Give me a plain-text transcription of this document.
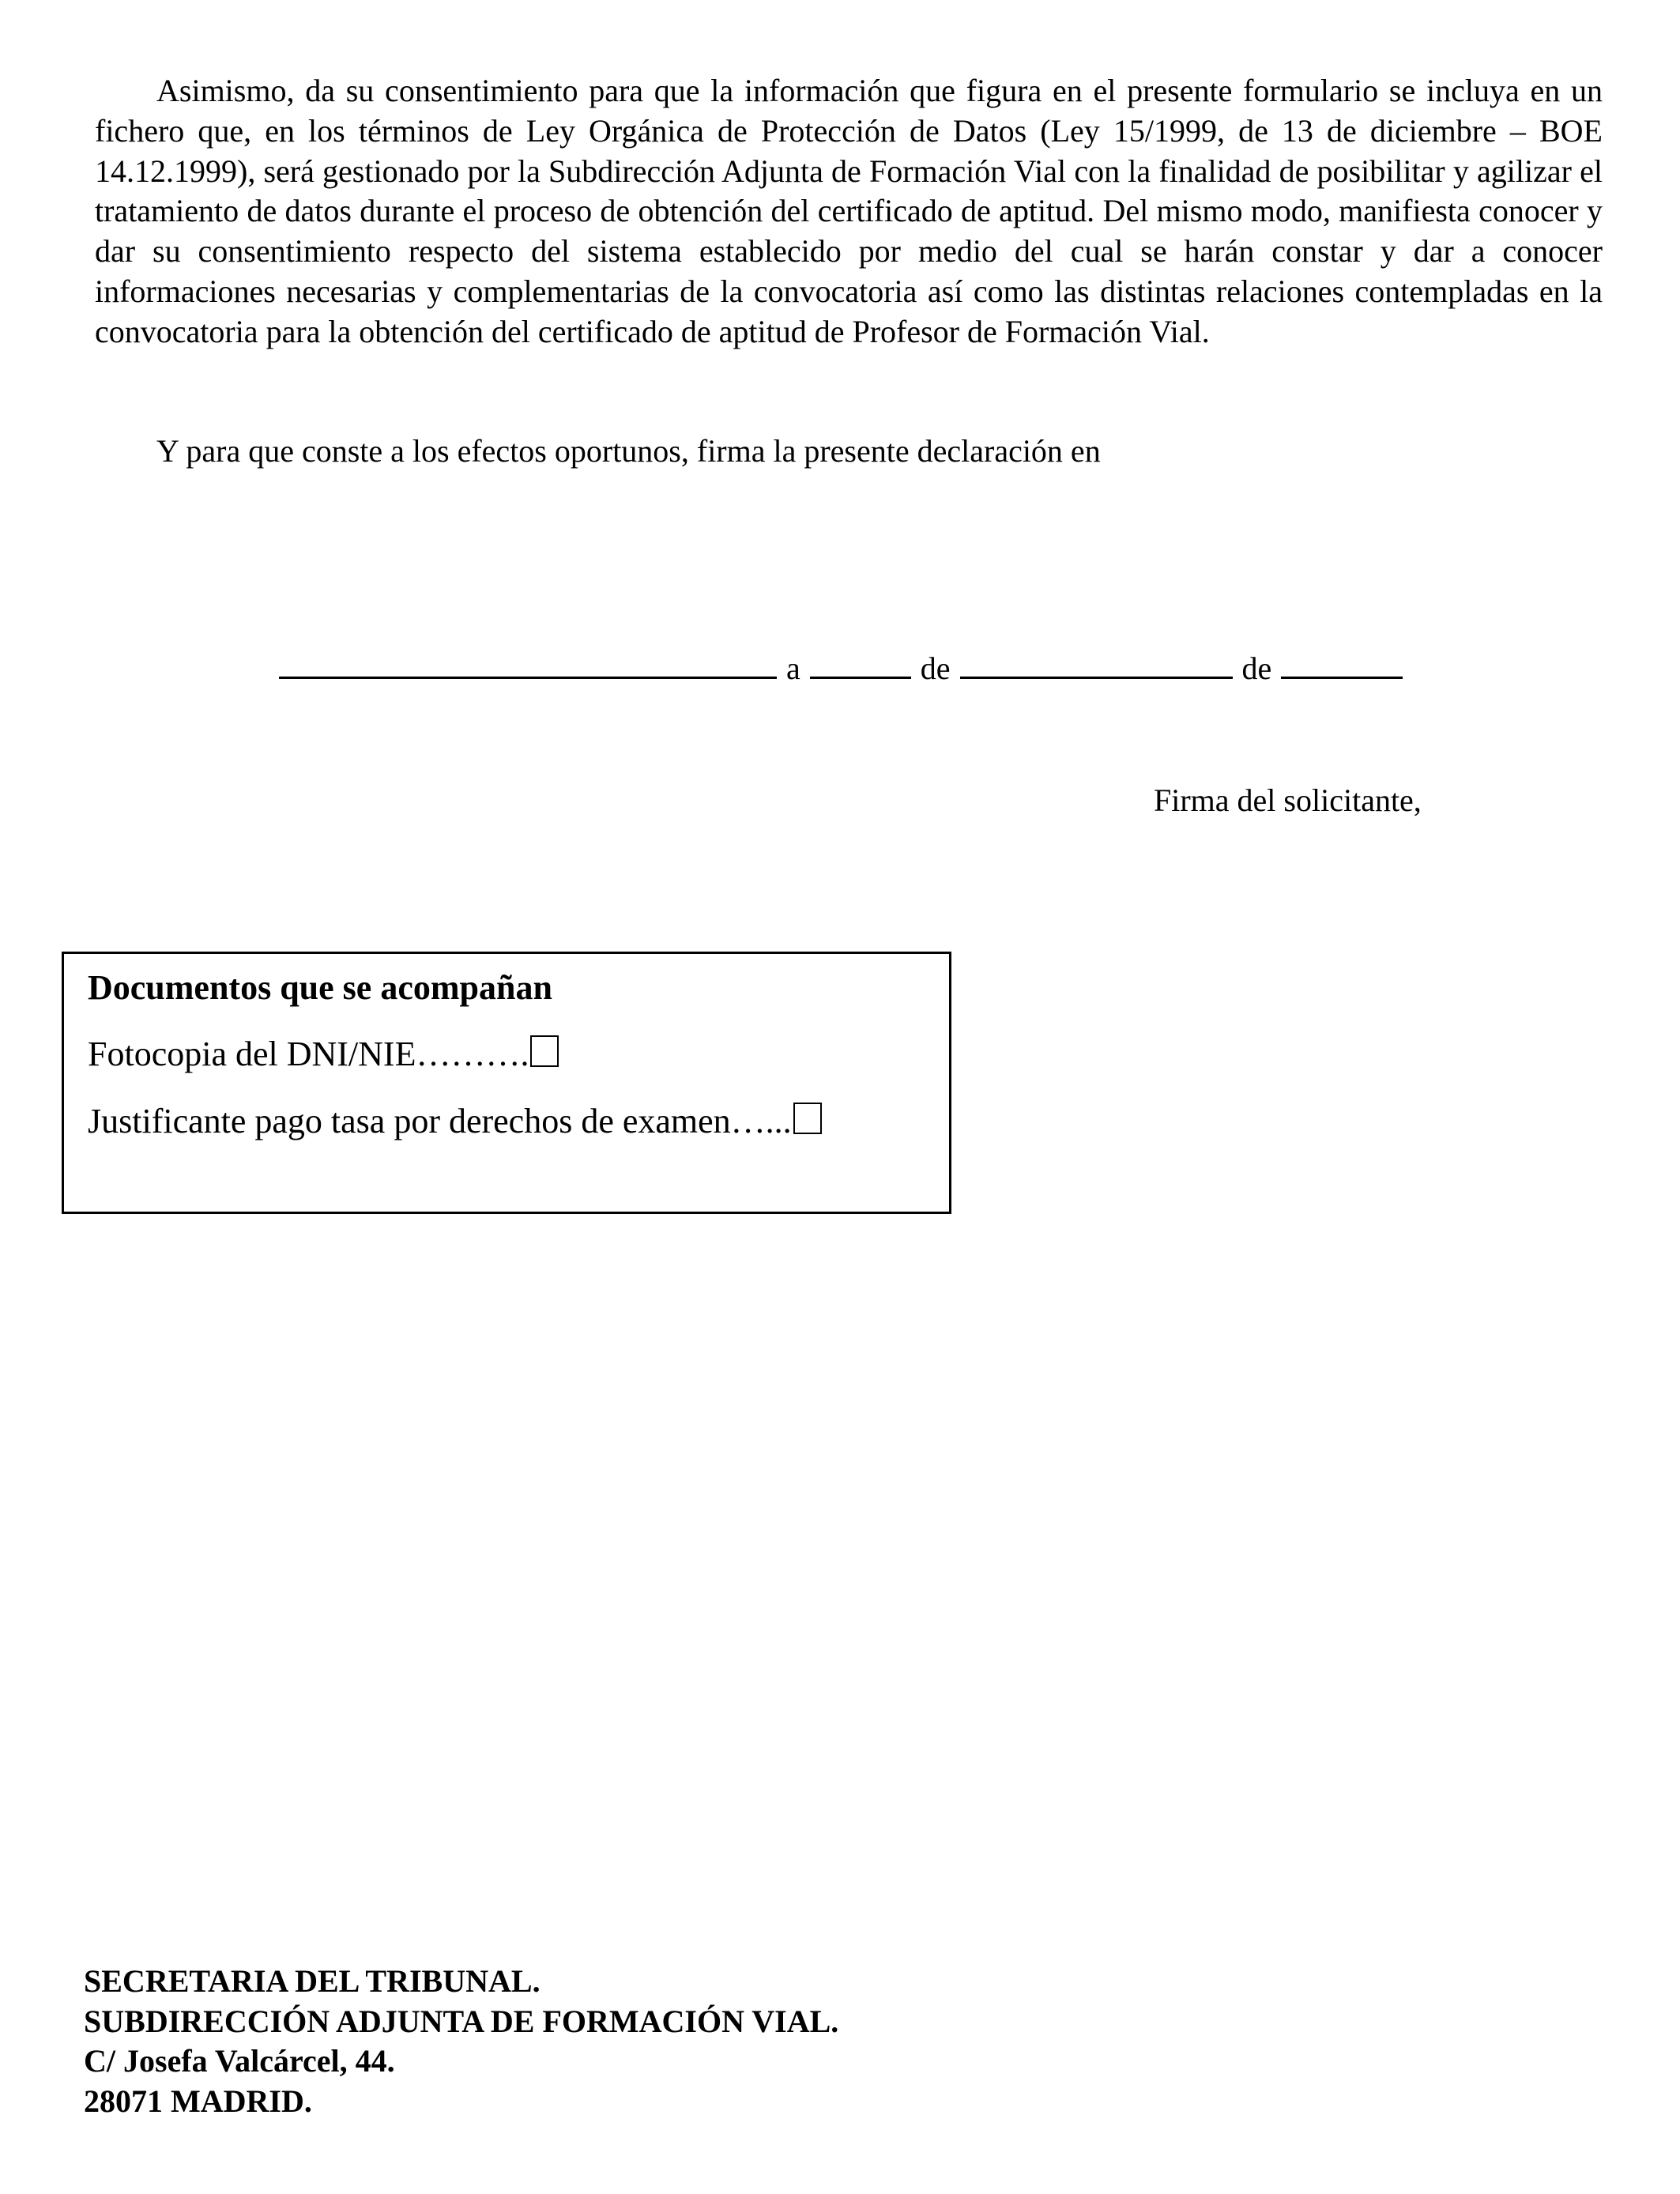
Asimismo, da su consentimiento para que la información que figura en el presente formulario se incluya en un fichero que, en los términos de Ley Orgánica de Protección de Datos (Ley 15/1999, de 13 de diciembre – BOE 14.12.1999), será gestionado por la Subdirección Adjunta de Formación Vial con la finalidad de posibilitar y agilizar el tratamiento de datos durante el proceso de obtención del certificado de aptitud. Del mismo modo, manifiesta conocer y dar su consentimiento respecto del sistema establecido por medio del cual se harán constar y dar a conocer informaciones necesarias y complementarias de la convocatoria así como las distintas relaciones contempladas en la convocatoria para la obtención del certificado de aptitud de Profesor de Formación Vial.

Y para que conste a los efectos oportunos, firma la presente declaración en

a	de	de
Firma del solicitante,
Documentos que se acompañan
Fotocopia del DNI/NIE……….
Justificante pago tasa por derechos de examen…...
SECRETARIA DEL TRIBUNAL.
SUBDIRECCIÓN ADJUNTA DE FORMACIÓN VIAL.
C/ Josefa Valcárcel, 44.
28071 MADRID.
